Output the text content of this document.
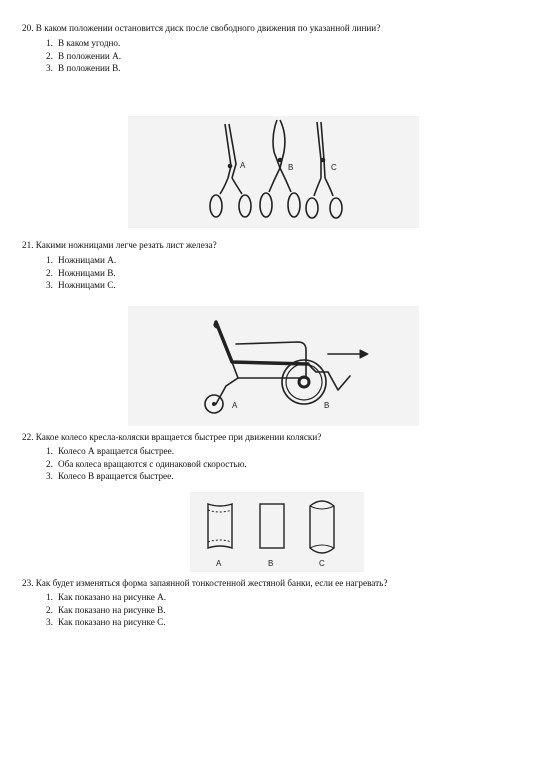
20. В каком положении остановится диск после свободного движения по указанной линии?
1. В каком угодно.
2. В положении А.
3. В положении В.
A	B	C
21. Какими ножницами легче резать лист железа?
1. Ножницами А.
2. Ножницами В.
3. Ножницами С.
A	B
22. Какое колесо кресла-коляски вращается быстрее при движении коляски?
1. Колесо А вращается быстрее.
2. Оба колеса вращаются с одинаковой скоростью.
3. Колесо В вращается быстрее.
A	B	C
23. Как будет изменяться форма запаянной тонкостенной жестяной банки, если ее нагревать?
1. Как показано на рисунке А.
2. Как показано на рисунке В.
3. Как показано на рисунке С.
